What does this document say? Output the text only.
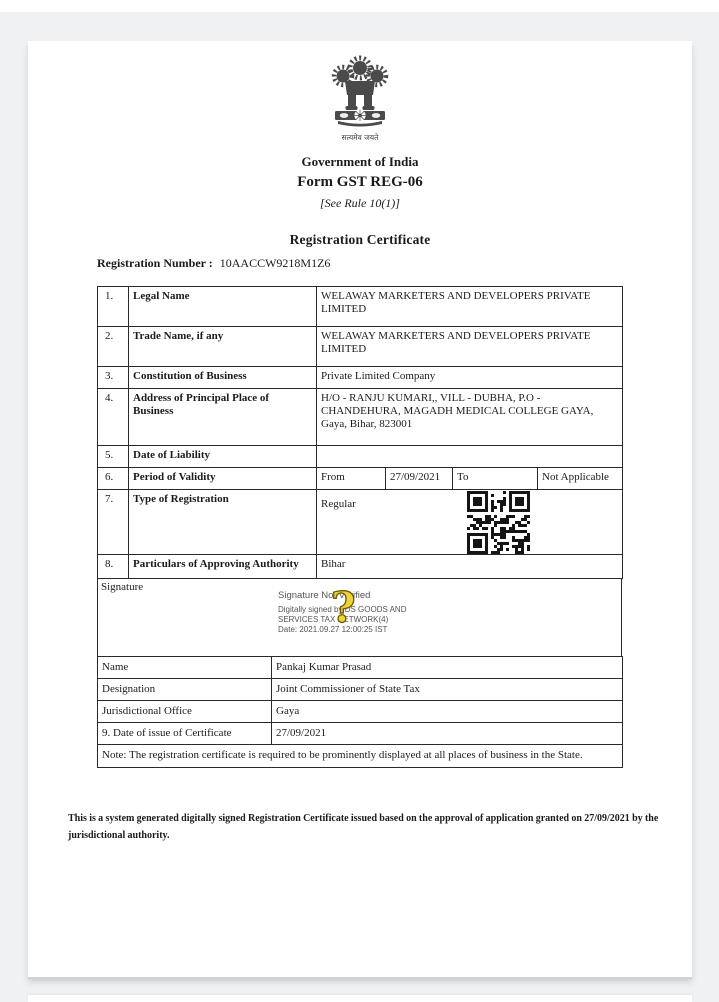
सत्यमेव जयते
Government of India
Form GST REG-06
[See Rule 10(1)]
Registration Certificate
Registration Number : 10AACCW9218M1Z6
1.	Legal Name	WELAWAY MARKETERS AND DEVELOPERS PRIVATE LIMITED			
2.	Trade Name, if any	WELAWAY MARKETERS AND DEVELOPERS PRIVATE LIMITED			
3.	Constitution of Business	Private Limited Company			
4.	Address of Principal Place of Business	H/O - RANJU KUMARI,, VILL - DUBHA, P.O - CHANDEHURA, MAGADH MEDICAL COLLEGE GAYA, Gaya, Bihar, 823001			
5.	Date of Liability				
6.	Period of Validity	From	27/09/2021	To	Not Applicable
7.	Type of Registration	Regular			

8.	Particulars of Approving Authority	Bihar			
Signature
Signature Not Verified
Digitally signed by DS GOODS AND
SERVICES TAX NETWORK(4)
Date: 2021.09.27 12:00:25 IST
?
Name	Pankaj Kumar Prasad
Designation	Joint Commissioner of State Tax
Jurisdictional Office	Gaya
9. Date of issue of Certificate	27/09/2021
Note: The registration certificate is required to be prominently displayed at all places of business in the State.	
This is a system generated digitally signed Registration Certificate issued based on the approval of application granted on 27/09/2021 by the jurisdictional authority.
